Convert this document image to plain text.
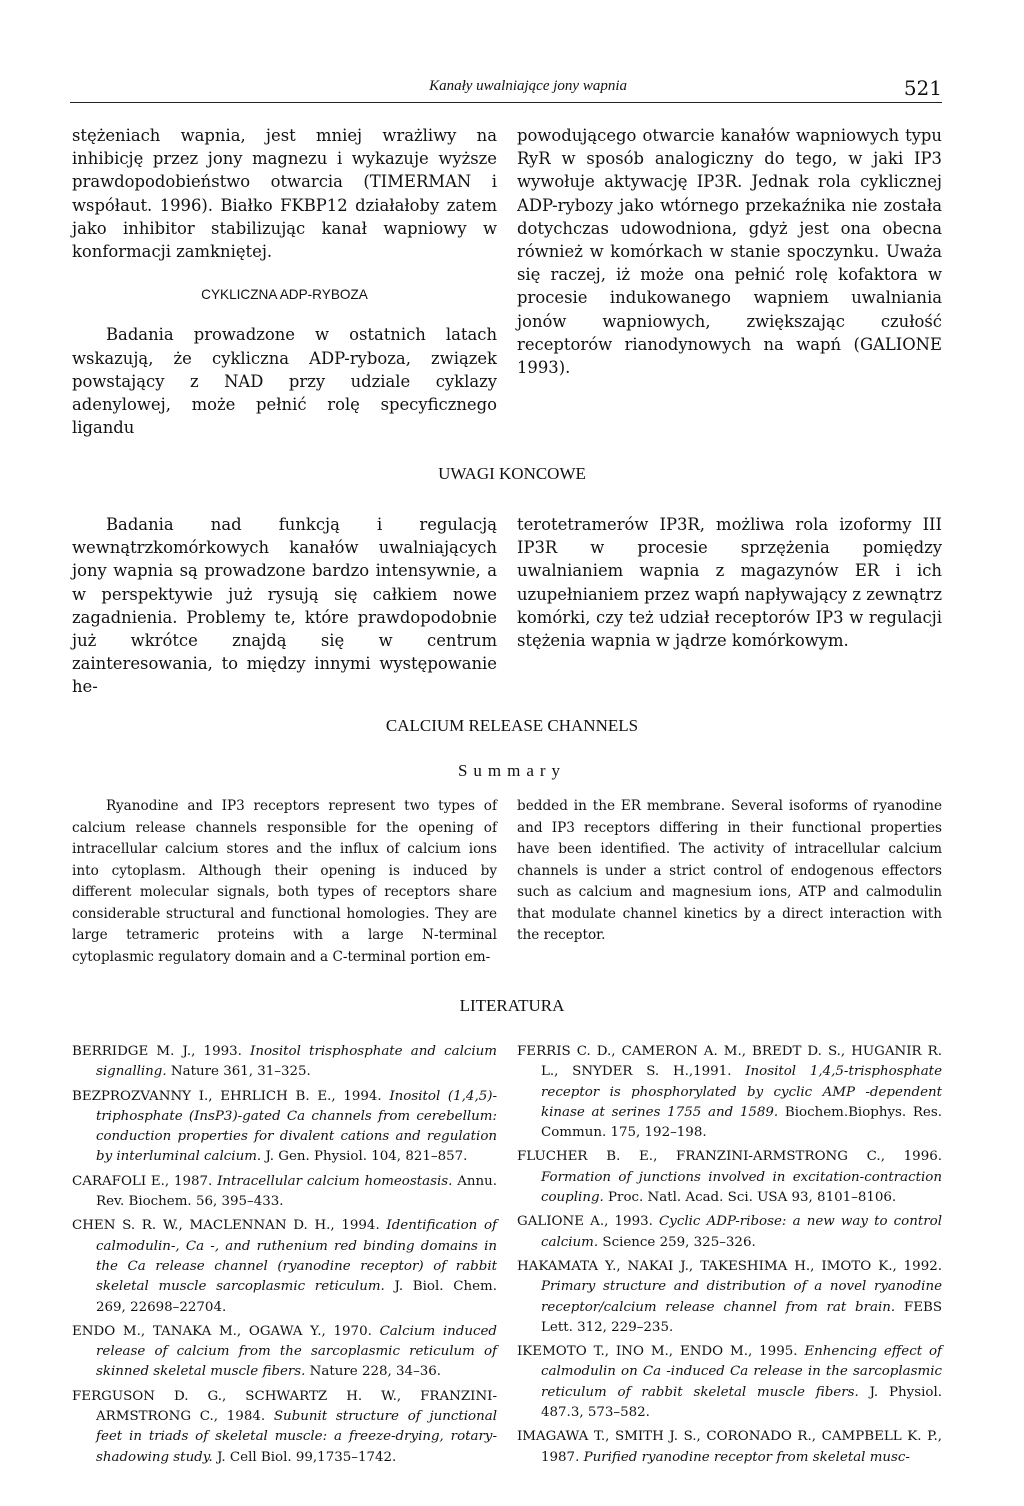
Kanały uwalniające jony wapnia	521

stężeniach wapnia, jest mniej wrażliwy na inhibicję przez jony magnezu i wykazuje wyższe prawdopodobieństwo otwarcia (TIMERMAN i współaut. 1996). Białko FKBP12 działałoby zatem jako inhibitor stabilizując kanał wapniowy w konformacji zamkniętej.

CYKLICZNA ADP-RYBOZA

Badania prowadzone w ostatnich latach wskazują, że cykliczna ADP-ryboza, związek powstający z NAD przy udziale cyklazy adenylowej, może pełnić rolę specyficznego ligandu

powodującego otwarcie kanałów wapniowych typu RyR w sposób analogiczny do tego, w jaki IP3 wywołuje aktywację IP3R. Jednak rola cyklicznej ADP-rybozy jako wtórnego przekaźnika nie została dotychczas udowodniona, gdyż jest ona obecna również w komórkach w stanie spoczynku. Uważa się raczej, iż może ona pełnić rolę kofaktora w procesie indukowanego wapniem uwalniania jonów wapniowych, zwiększając czułość receptorów rianodynowych na wapń (GALIONE 1993).

UWAGI KONCOWE

Badania nad funkcją i regulacją wewnątrzkomórkowych kanałów uwalniających jony wapnia są prowadzone bardzo intensywnie, a w perspektywie już rysują się całkiem nowe zagadnienia. Problemy te, które prawdopodobnie już wkrótce znajdą się w centrum zainteresowania, to między innymi występowanie he-

terotetramerów IP3R, możliwa rola izoformy III IP3R w procesie sprzężenia pomiędzy uwalnianiem wapnia z magazynów ER i ich uzupełnianiem przez wapń napływający z zewnątrz komórki, czy też udział receptorów IP3 w regulacji stężenia wapnia w jądrze komórkowym.

CALCIUM RELEASE CHANNELS
Summary

Ryanodine and IP3 receptors represent two types of calcium release channels responsible for the opening of intracellular calcium stores and the influx of calcium ions into cytoplasm. Although their opening is induced by different molecular signals, both types of receptors share considerable structural and functional homologies. They are large tetrameric proteins with a large N-terminal cytoplasmic regulatory domain and a C-terminal portion em-

bedded in the ER membrane. Several isoforms of ryanodine and IP3 receptors differing in their functional properties have been identified. The activity of intracellular calcium channels is under a strict control of endogenous effectors such as calcium and magnesium ions, ATP and calmodulin that modulate channel kinetics by a direct interaction with the receptor.

LITERATURA

BERRIDGE M. J., 1993. Inositol trisphosphate and calcium signalling. Nature 361, 31–325.

BEZPROZVANNY I., EHRLICH B. E., 1994. Inositol (1,4,5)-triphosphate (InsP3)-gated Ca channels from cerebellum: conduction properties for divalent cations and regulation by interluminal calcium. J. Gen. Physiol. 104, 821–857.

CARAFOLI E., 1987. Intracellular calcium homeostasis. Annu. Rev. Biochem. 56, 395–433.

CHEN S. R. W., MACLENNAN D. H., 1994. Identification of calmodulin-, Ca -, and ruthenium red binding domains in the Ca release channel (ryanodine receptor) of rabbit skeletal muscle sarcoplasmic reticulum. J. Biol. Chem. 269, 22698–22704.

ENDO M., TANAKA M., OGAWA Y., 1970. Calcium induced release of calcium from the sarcoplasmic reticulum of skinned skeletal muscle fibers. Nature 228, 34–36.

FERGUSON D. G., SCHWARTZ H. W., FRANZINI-ARMSTRONG C., 1984. Subunit structure of junctional feet in triads of skeletal muscle: a freeze-drying, rotary-shadowing study. J. Cell Biol. 99,1735–1742.

FERRIS C. D., CAMERON A. M., BREDT D. S., HUGANIR R. L., SNYDER S. H.,1991. Inositol 1,4,5-trisphosphate receptor is phosphorylated by cyclic AMP -dependent kinase at serines 1755 and 1589. Biochem.Biophys. Res. Commun. 175, 192–198.

FLUCHER B. E., FRANZINI-ARMSTRONG C., 1996. Formation of junctions involved in excitation-contraction coupling. Proc. Natl. Acad. Sci. USA 93, 8101–8106.

GALIONE A., 1993. Cyclic ADP-ribose: a new way to control calcium. Science 259, 325–326.

HAKAMATA Y., NAKAI J., TAKESHIMA H., IMOTO K., 1992. Primary structure and distribution of a novel ryanodine receptor/calcium release channel from rat brain. FEBS Lett. 312, 229–235.

IKEMOTO T., INO M., ENDO M., 1995. Enhencing effect of calmodulin on Ca -induced Ca release in the sarcoplasmic reticulum of rabbit skeletal muscle fibers. J. Physiol. 487.3, 573–582.

IMAGAWA T., SMITH J. S., CORONADO R., CAMPBELL K. P., 1987. Purified ryanodine receptor from skeletal musc-
